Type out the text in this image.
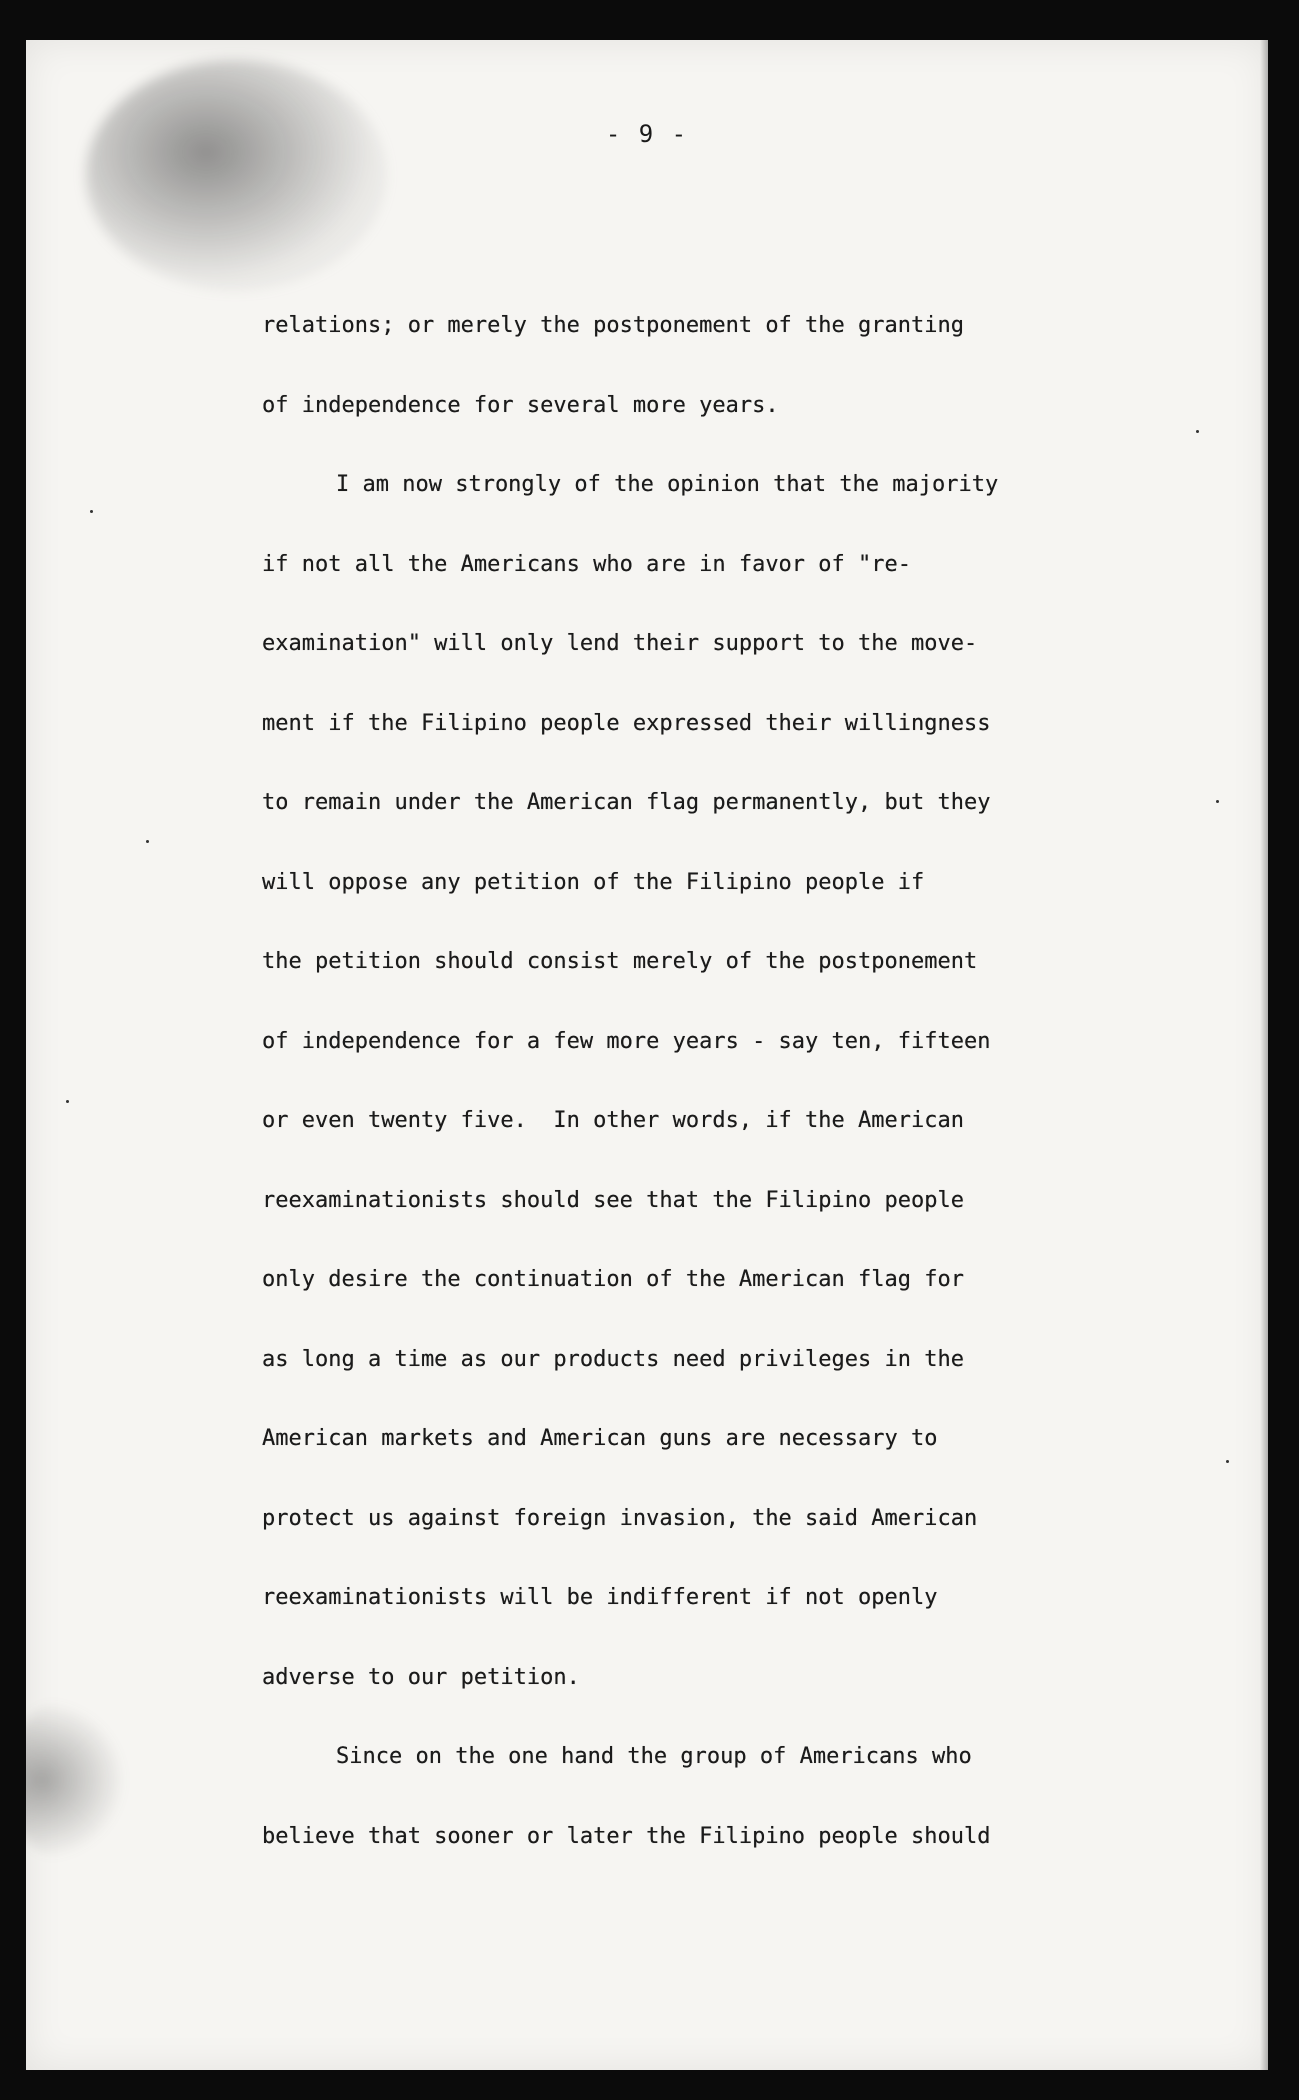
- 9 -
relations; or merely the postponement of the granting
of independence for several more years.
I am now strongly of the opinion that the majority
if not all the Americans who are in favor of "re-
examination" will only lend their support to the move-
ment if the Filipino people expressed their willingness
to remain under the American flag permanently, but they
will oppose any petition of the Filipino people if
the petition should consist merely of the postponement
of independence for a few more years - say ten, fifteen
or even twenty five.  In other words, if the American
reexaminationists should see that the Filipino people
only desire the continuation of the American flag for
as long a time as our products need privileges in the
American markets and American guns are necessary to
protect us against foreign invasion, the said American
reexaminationists will be indifferent if not openly
adverse to our petition.
Since on the one hand the group of Americans who
believe that sooner or later the Filipino people should
